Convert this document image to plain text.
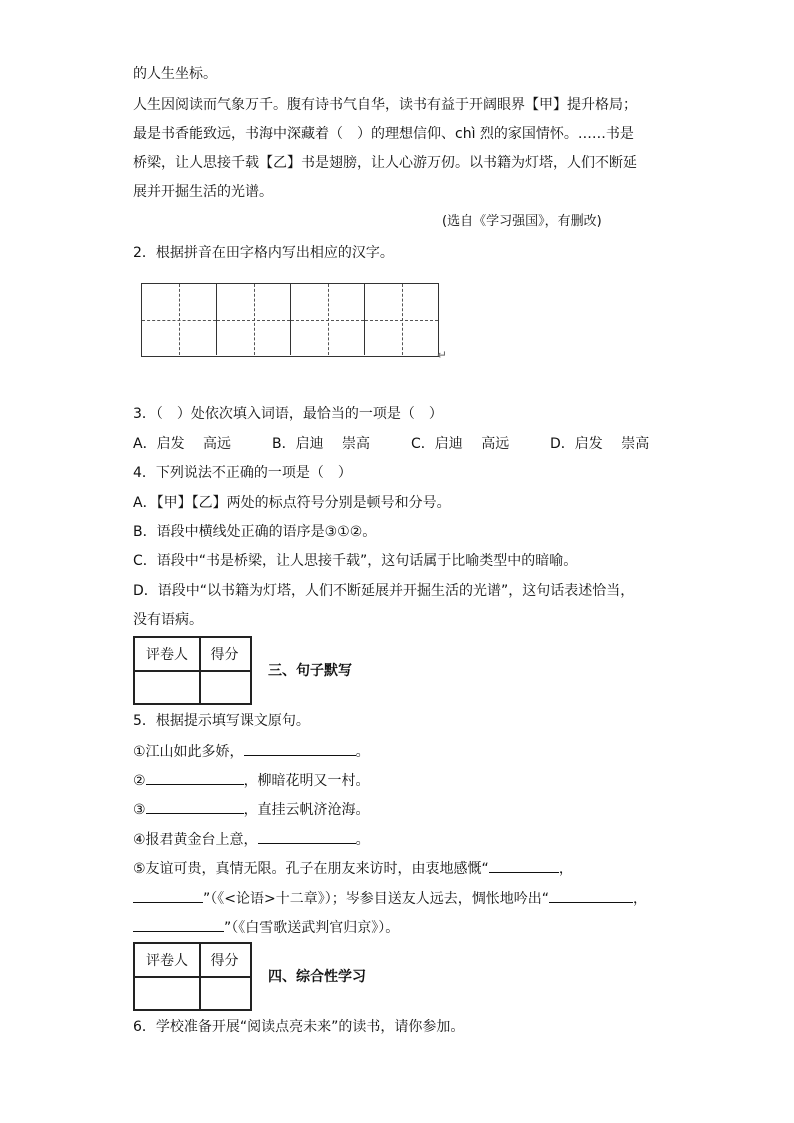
的人生坐标。
人生因阅读而气象万千。腹有诗书气自华，读书有益于开阔眼界【甲】提升格局；
最是书香能致远，书海中深藏着（　）的理想信仰、chì 烈的家国情怀。……书是
桥梁，让人思接千载【乙】书是翅膀，让人心游万仞。以书籍为灯塔，人们不断延
展并开掘生活的光谱。
(选自《学习强国》，有删改)
2．根据拼音在田字格内写出相应的汉字。
↵
3．（　）处依次填入词语，最恰当的一项是（　）
A．启发　 高远	B．启迪　 崇高	C．启迪　 高远	D．启发　 崇高
4．下列说法不正确的一项是（　）
A．【甲】【乙】两处的标点符号分别是顿号和分号。
B．语段中横线处正确的语序是③①②。
C．语段中“书是桥梁，让人思接千载”，这句话属于比喻类型中的暗喻。
D．语段中“以书籍为灯塔，人们不断延展并开掘生活的光谱”，这句话表述恰当，
没有语病。
评卷人	得分
三、句子默写
5．根据提示填写课文原句。
①江山如此多娇，	。
②	，柳暗花明又一村。
③	，直挂云帆济沧海。
④报君黄金台上意，	。
⑤友谊可贵，真情无限。孔子在朋友来访时，由衷地感慨“	，
”（《<论语>十二章》）；岑参目送友人远去，惆怅地吟出“	，
”（《白雪歌送武判官归京》）。
评卷人	得分
四、综合性学习
6．学校准备开展“阅读点亮未来”的读书，请你参加。
